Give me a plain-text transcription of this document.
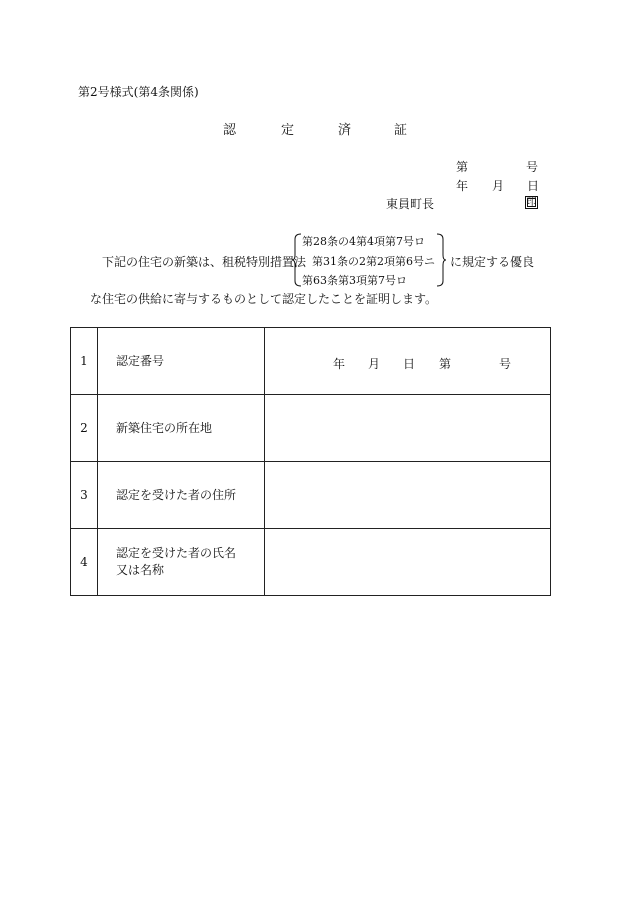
第2号様式(第4条関係)
認	定	済	証
第	号
年 月 日
東員町長	印
下記の住宅の新築は、租税特別措置法
第28条の4第4項第7号ロ
第31条の2第2項第6号ニ
第63条第3項第7号ロ
に規定する優良
な住宅の供給に寄与するものとして認定したことを証明します。
1	認定番号	年 月 日 第 号

2	新築住宅の所在地	
3	認定を受けた者の住所	
4	認定を受けた者の氏名又は名称	
